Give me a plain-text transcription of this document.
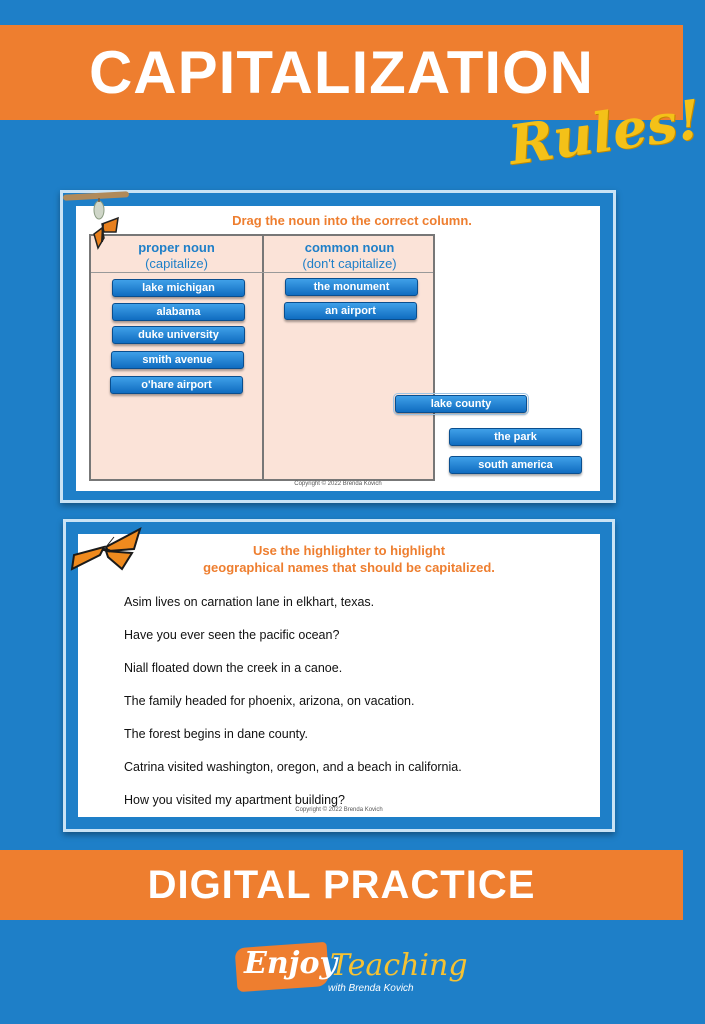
CAPITALIZATION
Rules!
Drag the noun into the correct column.
proper noun
(capitalize)
common noun
(don't capitalize)
lake michigan
alabama
duke university
smith avenue
o'hare airport
the monument
an airport
lake county
the park
south america
Copyright © 2022 Brenda Kovich
Use the highlighter to highlight
geographical names that should be capitalized.
Asim lives on carnation lane in elkhart, texas.
Have you ever seen the pacific ocean?
Niall floated down the creek in a canoe.
The family headed for phoenix, arizona, on vacation.
The forest begins in dane county.
Catrina visited washington, oregon, and a beach in california.
How you visited my apartment building?
Copyright © 2022 Brenda Kovich
DIGITAL PRACTICE
Enjoy
Teaching
with Brenda Kovich
